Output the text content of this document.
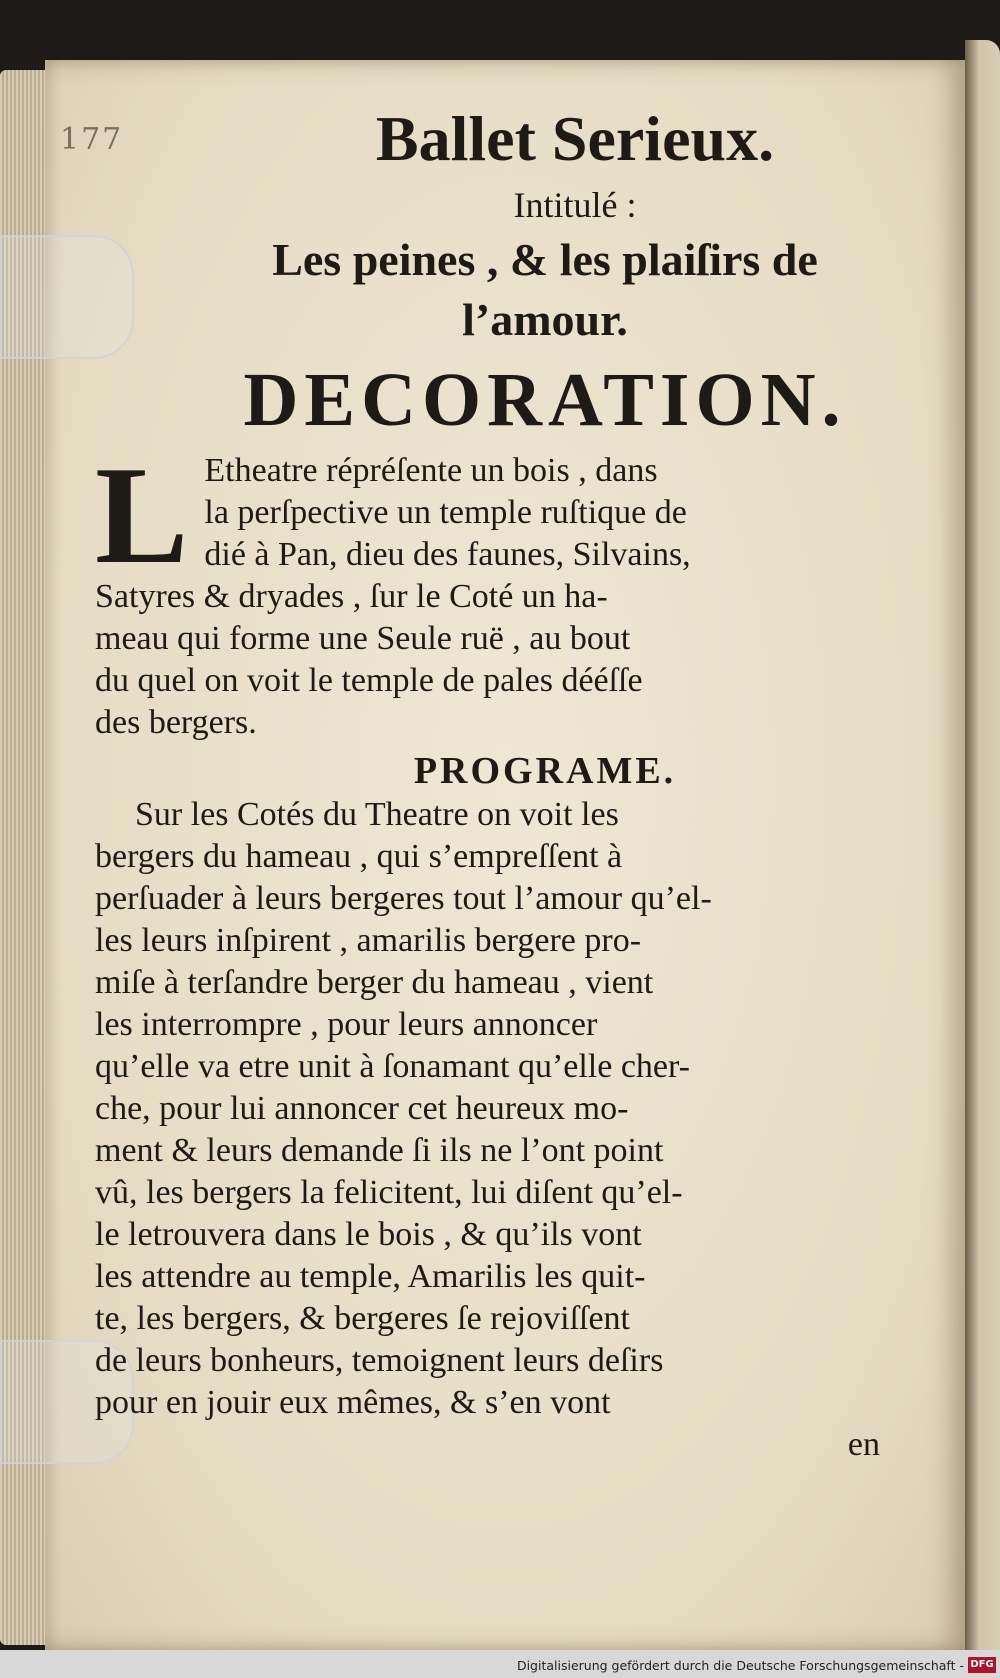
177	Ballet Serieux.

Intitulé :

Les peines , & les plaiſirs de
l’amour.

DECORATION.

L Etheatre répréſente un bois , dans
la perſpective un temple ruſtique de
dié à Pan, dieu des faunes, Silvains,
Satyres & dryades , ſur le Coté un ha-
meau qui forme une Seule ruë , au bout
du quel on voit le temple de pales dééſſe
des bergers.

PROGRAME.

Sur les Cotés du Theatre on voit les
bergers du hameau , qui s’empreſſent à
perſuader à leurs bergeres tout l’amour qu’el-
les leurs inſpirent , amarilis bergere pro-
miſe à terſandre berger du hameau , vient
les interrompre , pour leurs annoncer
qu’elle va etre unit à ſonamant qu’elle cher-
che, pour lui annoncer cet heureux mo-
ment & leurs demande ſi ils ne l’ont point
vû, les bergers la felicitent, lui diſent qu’el-
le letrouvera dans le bois , & qu’ils vont
les attendre au temple, Amarilis les quit-
te, les bergers, & bergeres ſe rejoviſſent
de leurs bonheurs, temoignent leurs deſirs
pour en jouir eux mêmes, & s’en vont

en

Digitalisierung gefördert durch die Deutsche Forschungsgemeinschaft - DFG
